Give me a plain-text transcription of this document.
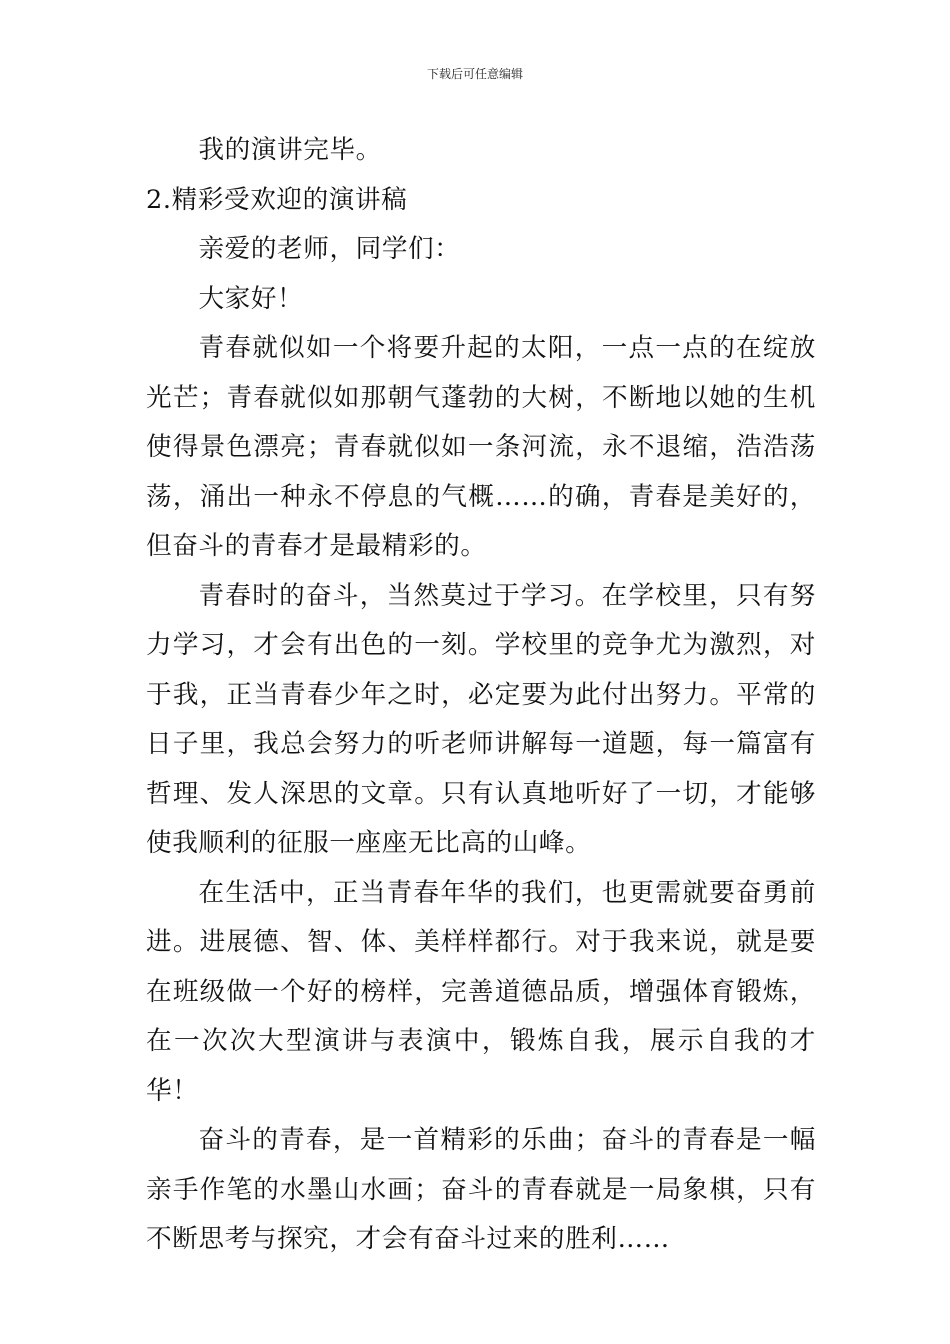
下载后可任意编辑

我的演讲完毕。

2.精彩受欢迎的演讲稿

亲爱的老师，同学们：

大家好！

青春就似如一个将要升起的太阳，一点一点的在绽放光芒；青春就似如那朝气蓬勃的大树，不断地以她的生机使得景色漂亮；青春就似如一条河流，永不退缩，浩浩荡荡，涌出一种永不停息的气概……的确，青春是美好的，但奋斗的青春才是最精彩的。

青春时的奋斗，当然莫过于学习。在学校里，只有努力学习，才会有出色的一刻。学校里的竞争尤为激烈，对于我，正当青春少年之时，必定要为此付出努力。平常的日子里，我总会努力的听老师讲解每一道题，每一篇富有哲理、发人深思的文章。只有认真地听好了一切，才能够使我顺利的征服一座座无比高的山峰。

在生活中，正当青春年华的我们，也更需就要奋勇前进。进展德、智、体、美样样都行。对于我来说，就是要在班级做一个好的榜样，完善道德品质，增强体育锻炼，在一次次大型演讲与表演中，锻炼自我，展示自我的才华！

奋斗的青春，是一首精彩的乐曲；奋斗的青春是一幅亲手作笔的水墨山水画；奋斗的青春就是一局象棋，只有不断思考与探究，才会有奋斗过来的胜利……
